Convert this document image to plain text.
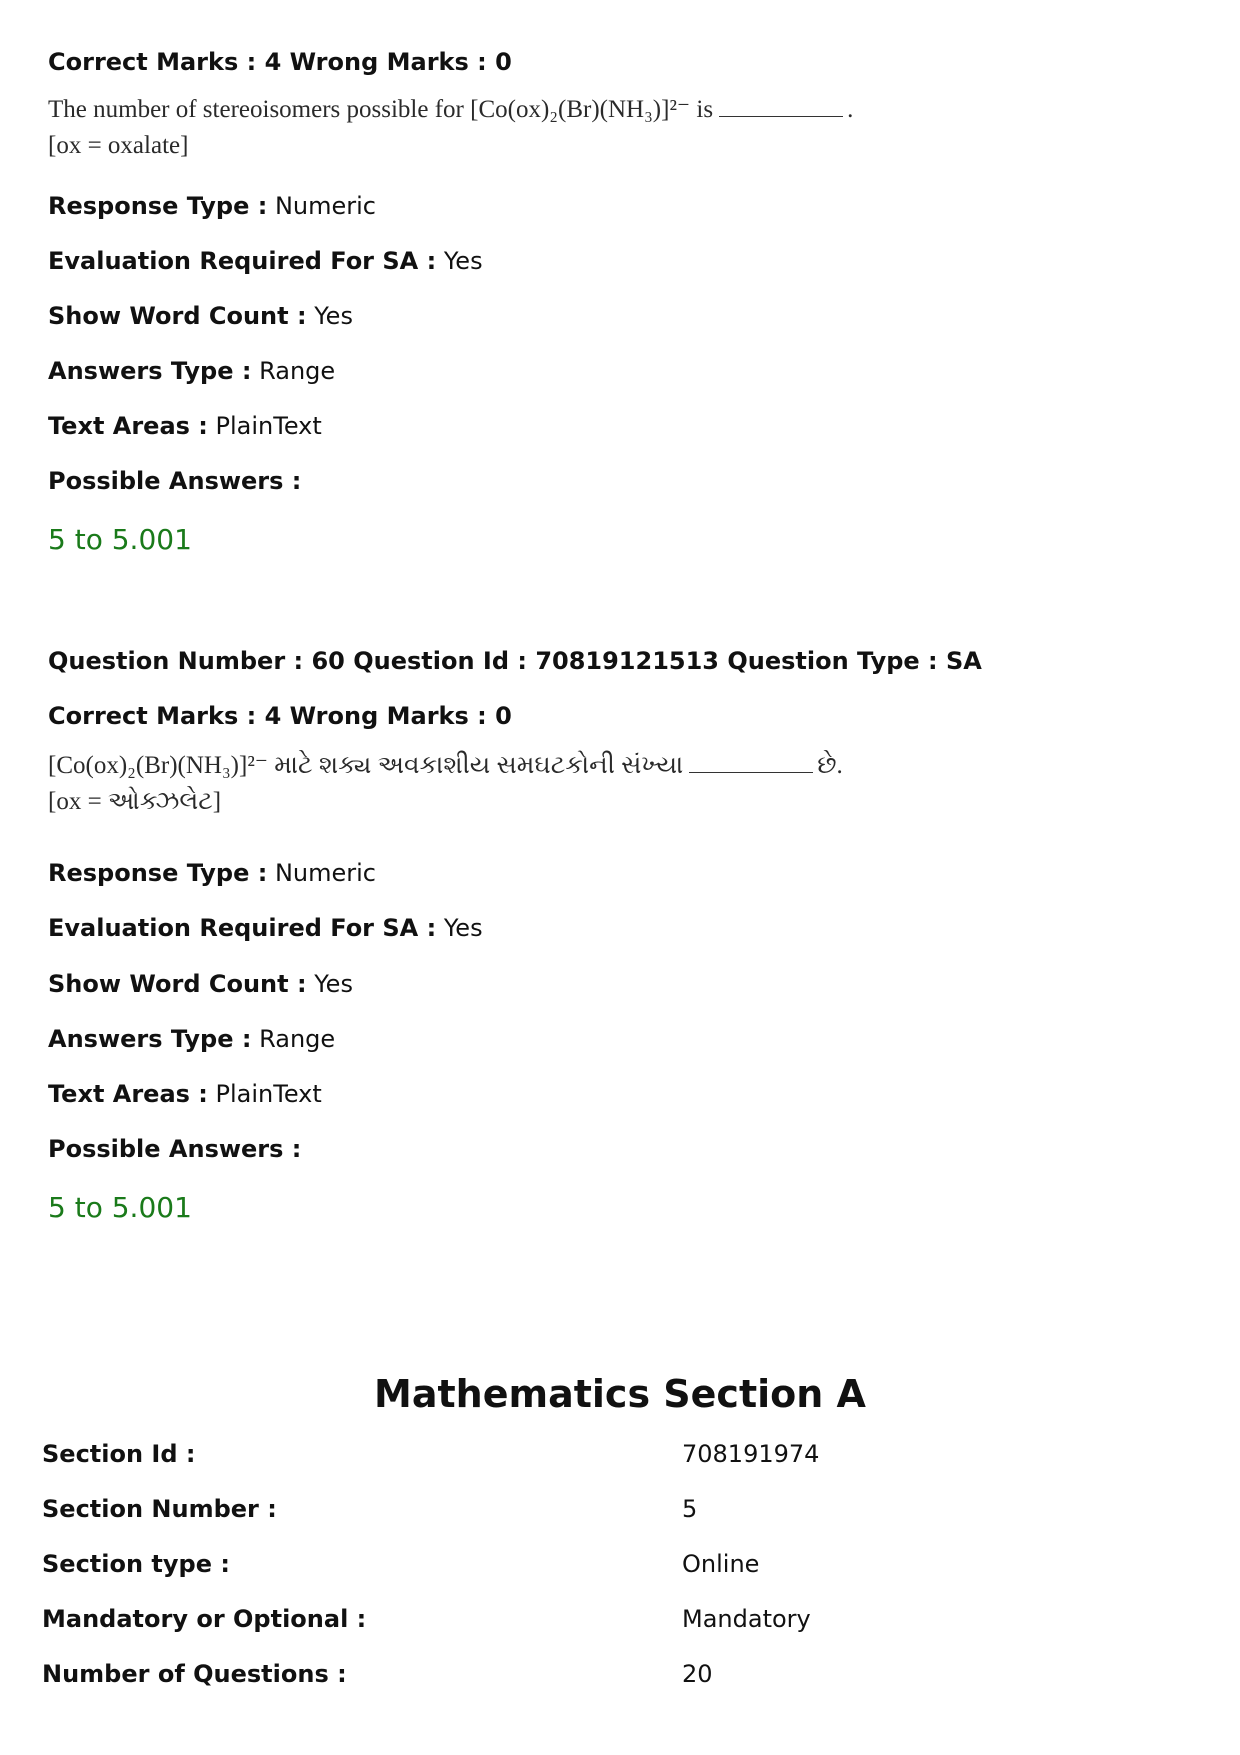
Correct Marks : 4 Wrong Marks : 0

The number of stereoisomers possible for [Co(ox)₂(Br)(NH₃)]²⁻ is	.
[ox = oxalate]

Response Type : Numeric

Evaluation Required For SA : Yes

Show Word Count : Yes

Answers Type : Range

Text Areas : PlainText

Possible Answers :

5 to 5.001

Question Number : 60 Question Id : 70819121513 Question Type : SA

Correct Marks : 4 Wrong Marks : 0

[Co(ox)₂(Br)(NH₃)]²⁻ માટે શક્ય અવકાશીય સમઘટકોની સંખ્યા	છે.
[ox = ઓક્ઝલેટ]

Response Type : Numeric

Evaluation Required For SA : Yes

Show Word Count : Yes

Answers Type : Range

Text Areas : PlainText

Possible Answers :

5 to 5.001
Mathematics Section A
Section Id :	708191974
Section Number :	5
Section type :	Online
Mandatory or Optional :	Mandatory
Number of Questions :	20
